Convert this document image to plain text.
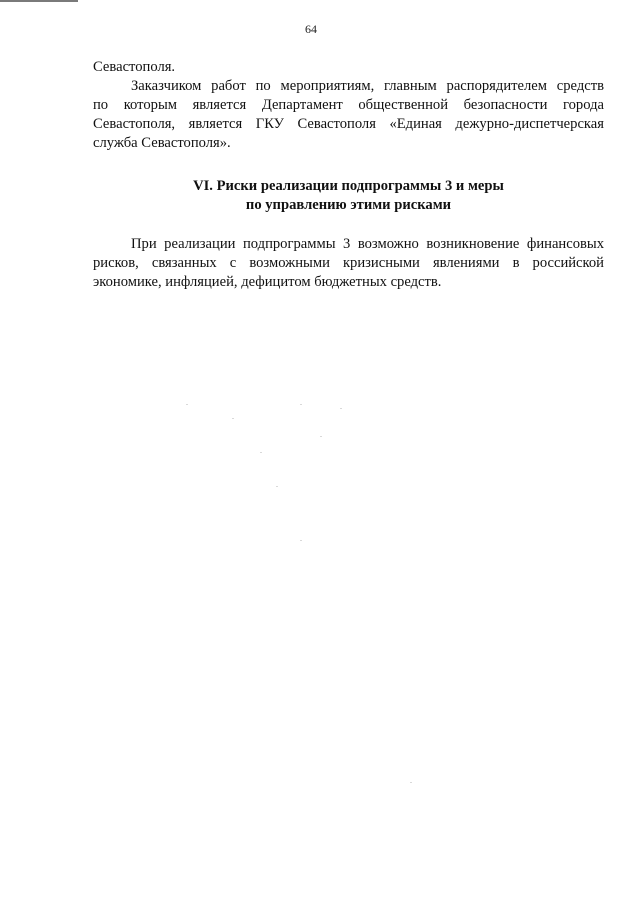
64

Севастополя.

Заказчиком работ по мероприятиям, главным распорядителем средств
по которым является Департамент общественной безопасности города
Севастополя, является ГКУ Севастополя «Единая дежурно-диспетчерская
служба Севастополя».

VI. Риски реализации подпрограммы 3 и меры
по управлению этими рисками

При реализации подпрограммы 3 возможно возникновение финансовых
рисков, связанных с возможными кризисными явлениями в российской
экономике, инфляцией, дефицитом бюджетных средств.
